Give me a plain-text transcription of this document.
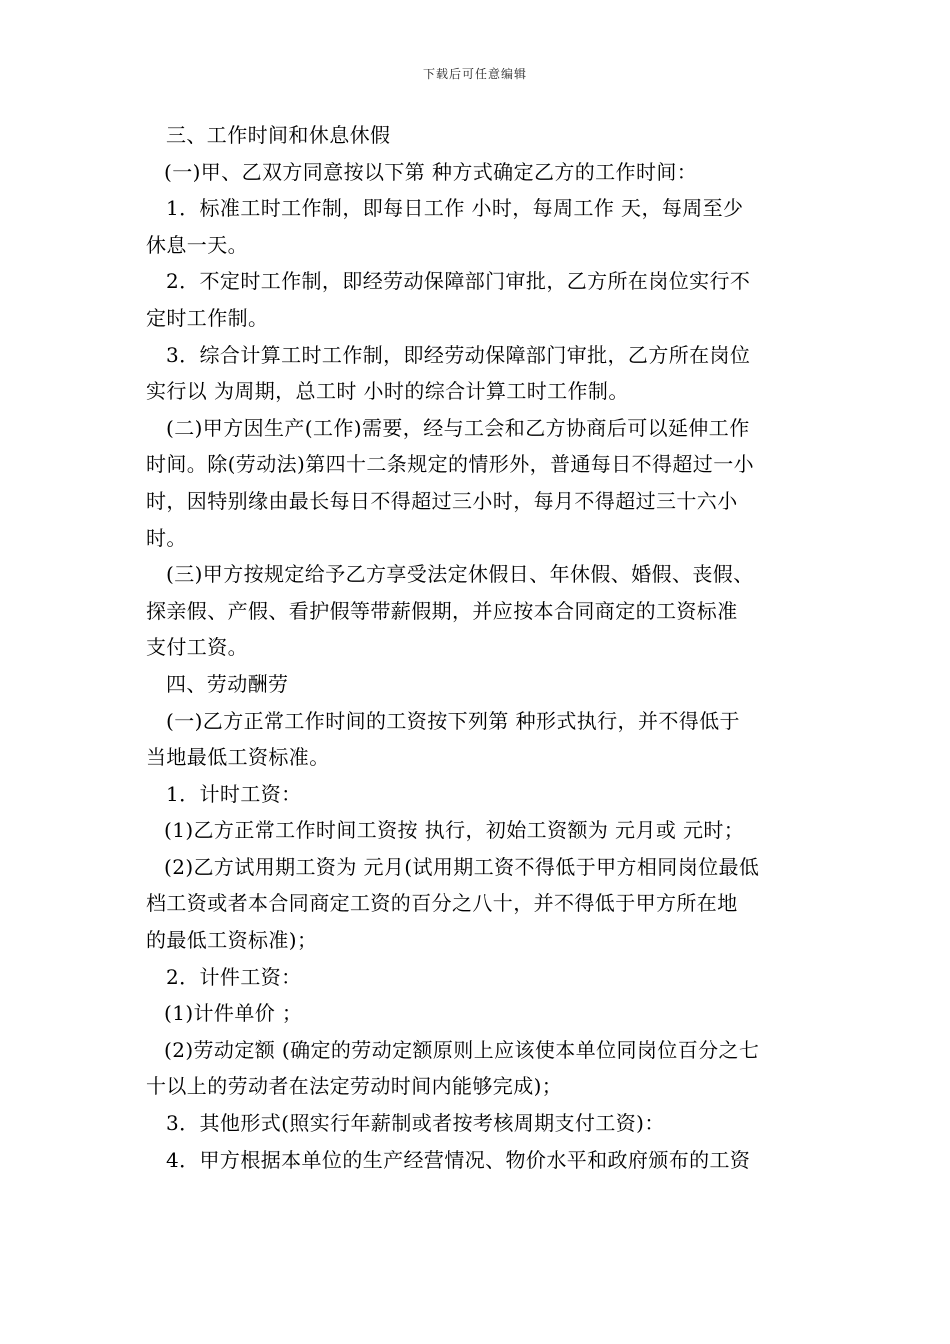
下载后可任意编辑
三、工作时间和休息休假
(一)甲、乙双方同意按以下第 种方式确定乙方的工作时间：
1．标准工时工作制，即每日工作 小时，每周工作 天，每周至少
休息一天。
2．不定时工作制，即经劳动保障部门审批，乙方所在岗位实行不
定时工作制。
3．综合计算工时工作制，即经劳动保障部门审批，乙方所在岗位
实行以 为周期，总工时 小时的综合计算工时工作制。
(二)甲方因生产(工作)需要，经与工会和乙方协商后可以延伸工作
时间。除(劳动法)第四十二条规定的情形外，普通每日不得超过一小
时，因特别缘由最长每日不得超过三小时，每月不得超过三十六小
时。
(三)甲方按规定给予乙方享受法定休假日、年休假、婚假、丧假、
探亲假、产假、看护假等带薪假期，并应按本合同商定的工资标准
支付工资。
四、劳动酬劳
(一)乙方正常工作时间的工资按下列第 种形式执行，并不得低于
当地最低工资标准。
1．计时工资：
(1)乙方正常工作时间工资按 执行，初始工资额为 元月或 元时；
(2)乙方试用期工资为 元月(试用期工资不得低于甲方相同岗位最低
档工资或者本合同商定工资的百分之八十，并不得低于甲方所在地
的最低工资标准)；
2．计件工资：
(1)计件单价 ；
(2)劳动定额 (确定的劳动定额原则上应该使本单位同岗位百分之七
十以上的劳动者在法定劳动时间内能够完成)；
3．其他形式(照实行年薪制或者按考核周期支付工资)：
4．甲方根据本单位的生产经营情况、物价水平和政府颁布的工资
